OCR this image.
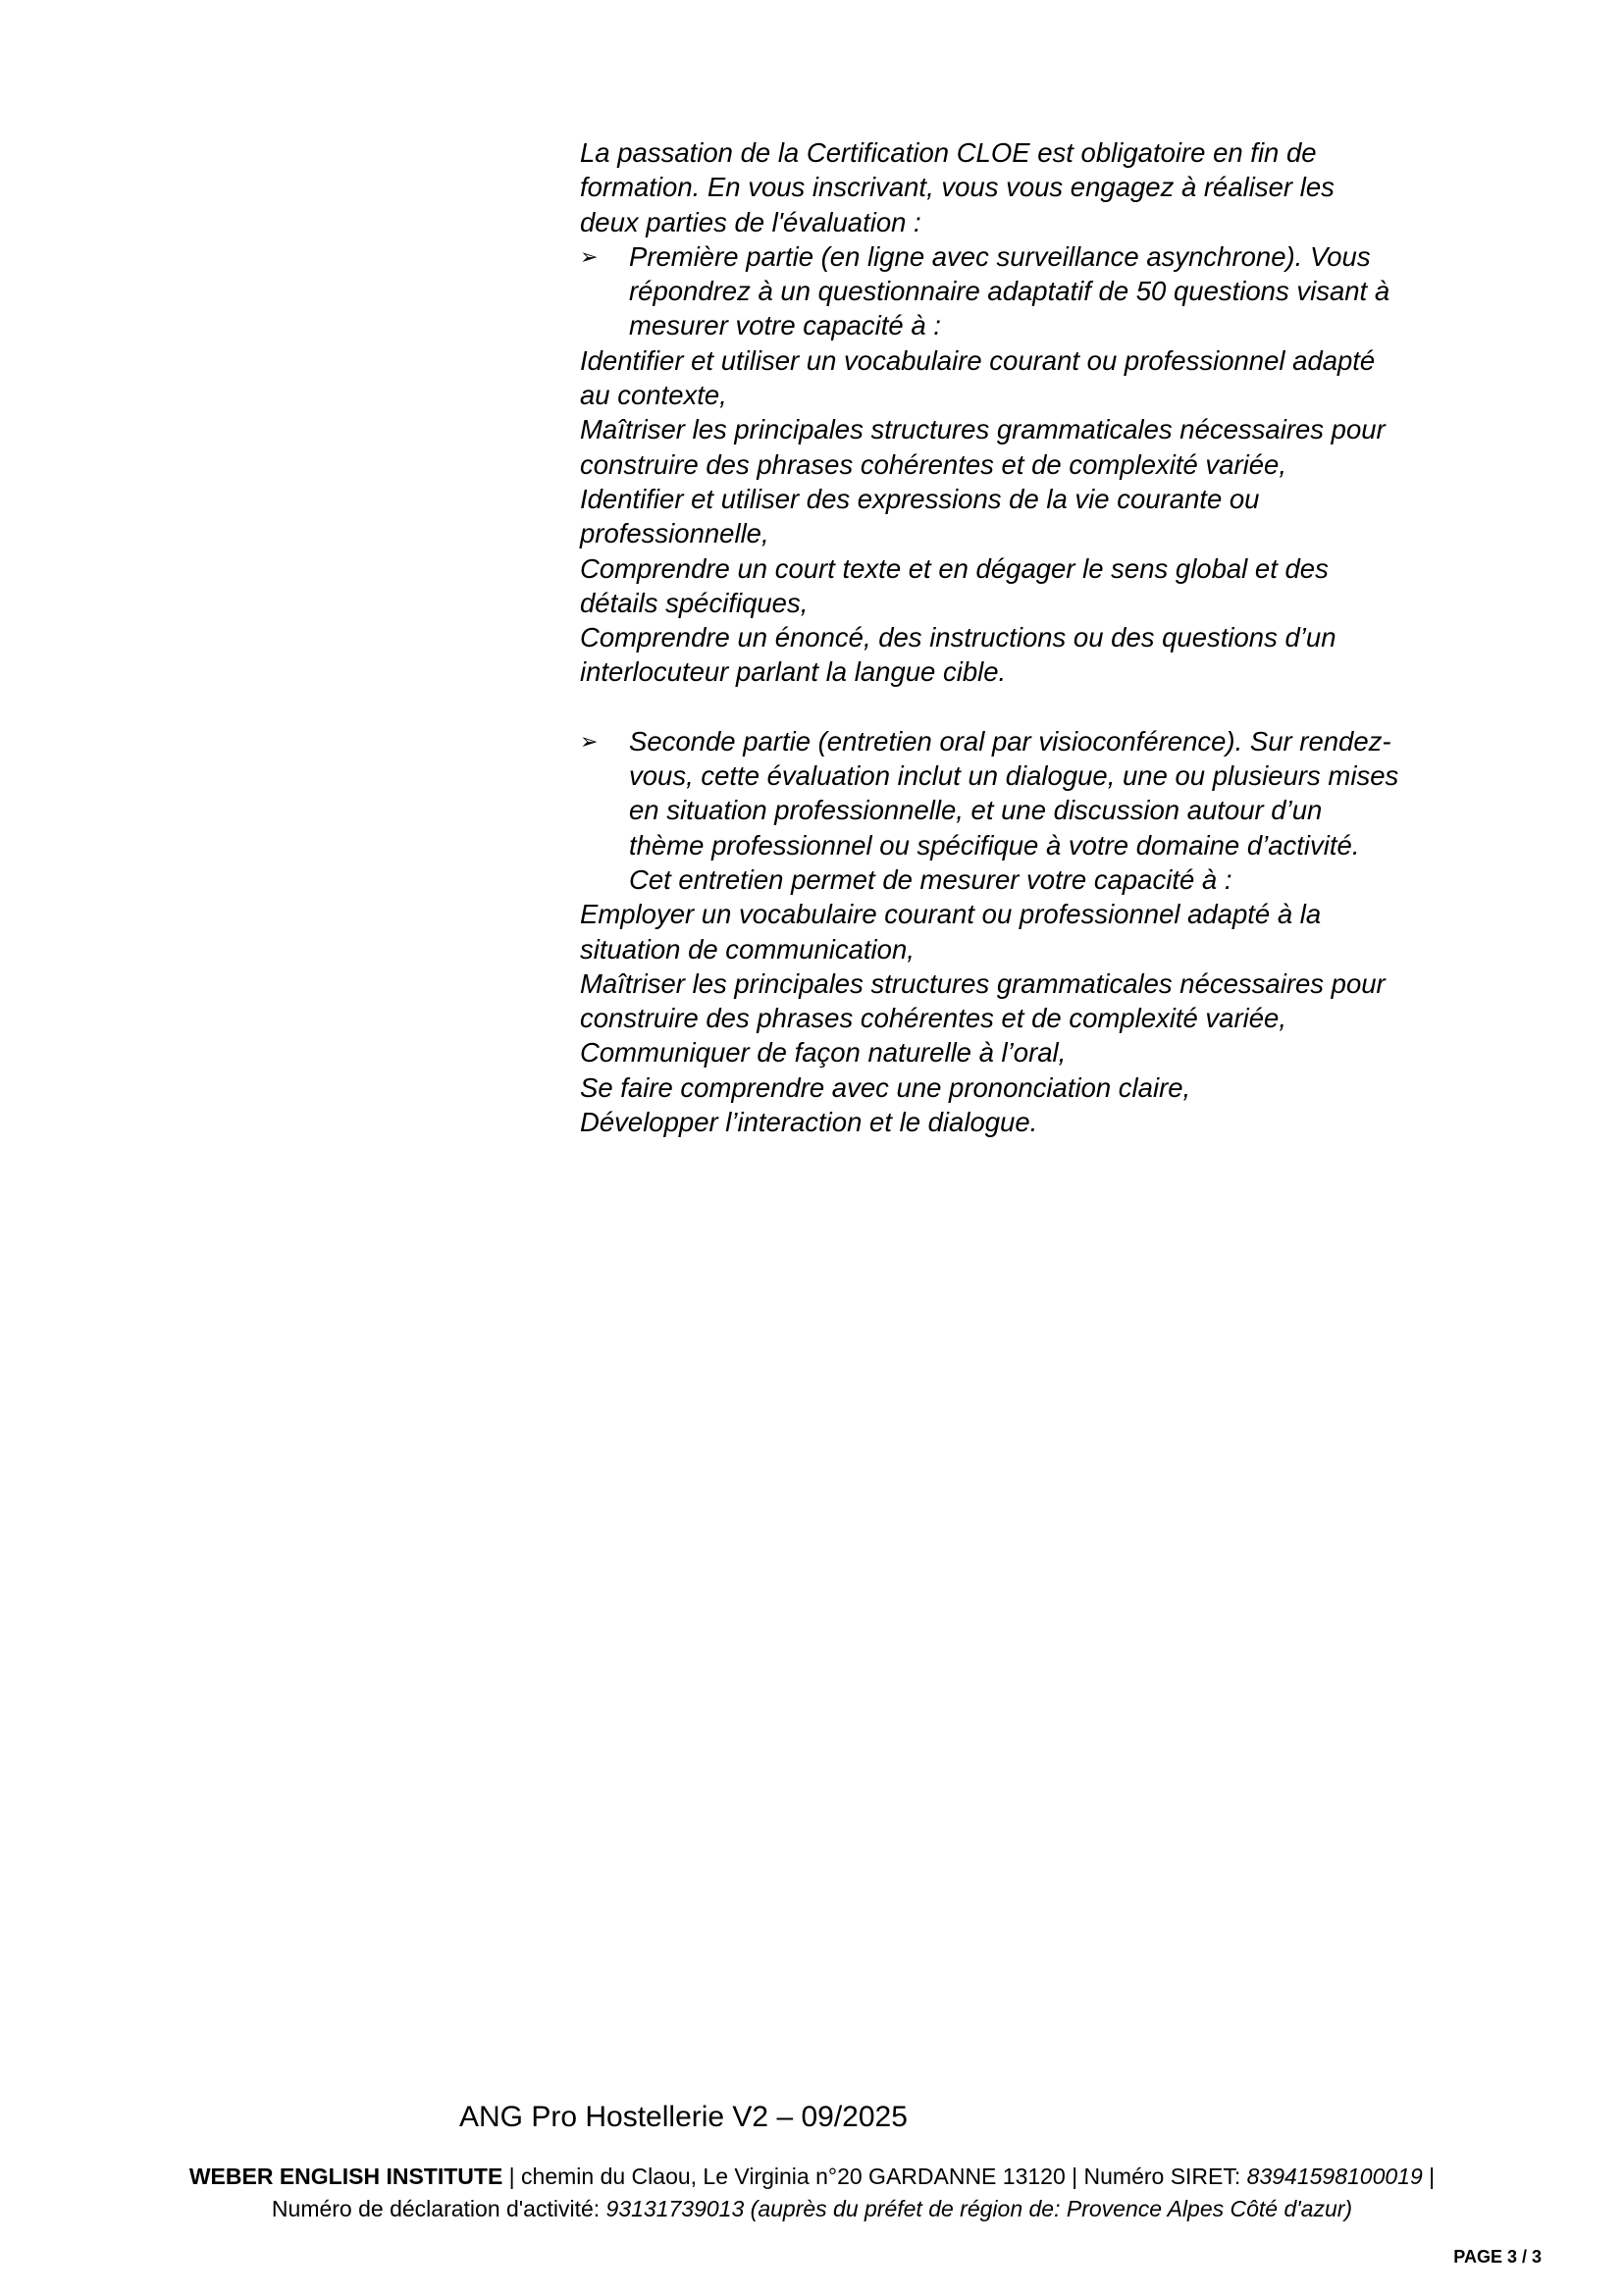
La passation de la Certification CLOE est obligatoire en fin de

formation. En vous inscrivant, vous vous engagez à réaliser les

deux parties de l'évaluation :

➢ Première partie (en ligne avec surveillance asynchrone). Vous

répondrez à un questionnaire adaptatif de 50 questions visant à

mesurer votre capacité à :

Identifier et utiliser un vocabulaire courant ou professionnel adapté

au contexte,

Maîtriser les principales structures grammaticales nécessaires pour

construire des phrases cohérentes et de complexité variée,

Identifier et utiliser des expressions de la vie courante ou

professionnelle,

Comprendre un court texte et en dégager le sens global et des

détails spécifiques,

Comprendre un énoncé, des instructions ou des questions d’un

interlocuteur parlant la langue cible.

➢ Seconde partie (entretien oral par visioconférence). Sur rendez-

vous, cette évaluation inclut un dialogue, une ou plusieurs mises

en situation professionnelle, et une discussion autour d’un

thème professionnel ou spécifique à votre domaine d’activité.

Cet entretien permet de mesurer votre capacité à :

Employer un vocabulaire courant ou professionnel adapté à la

situation de communication,

Maîtriser les principales structures grammaticales nécessaires pour

construire des phrases cohérentes et de complexité variée,

Communiquer de façon naturelle à l’oral,

Se faire comprendre avec une prononciation claire,

Développer l’interaction et le dialogue.

ANG Pro Hostellerie V2 – 09/2025
WEBER ENGLISH INSTITUTE | chemin du Claou, Le Virginia n°20 GARDANNE 13120 | Numéro SIRET: 83941598100019 |
Numéro de déclaration d'activité: 93131739013 (auprès du préfet de région de: Provence Alpes Côté d'azur)
PAGE 3 / 3
